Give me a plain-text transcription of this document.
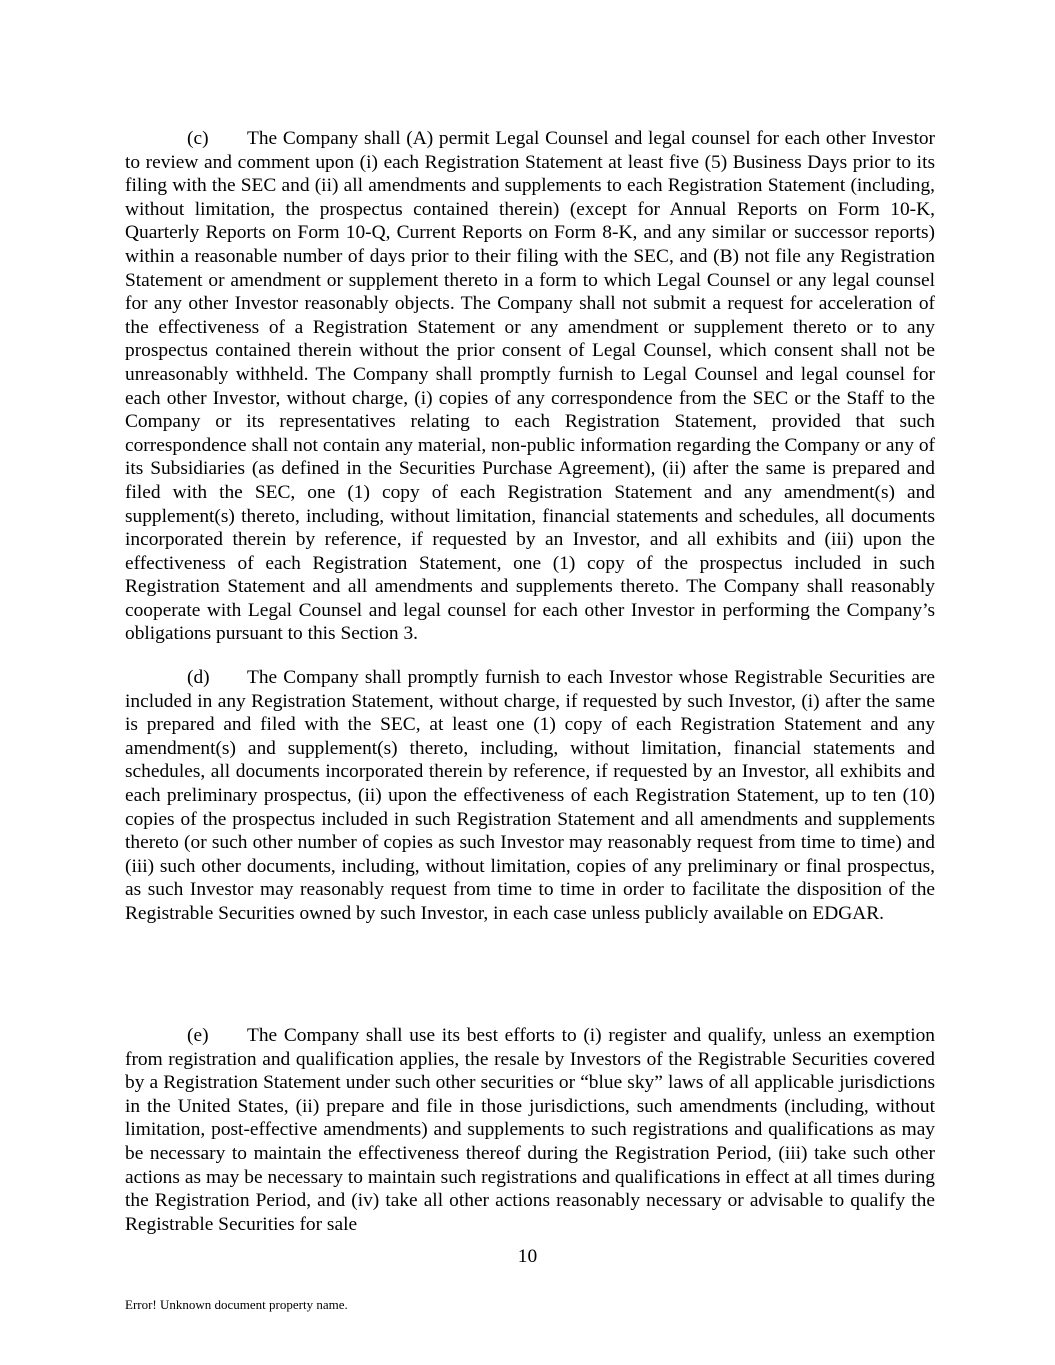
(c) The Company shall (A) permit Legal Counsel and legal counsel for each other Investor to review and comment upon (i) each Registration Statement at least five (5) Business Days prior to its filing with the SEC and (ii) all amendments and supplements to each Registration Statement (including, without limitation, the prospectus contained therein) (except for Annual Reports on Form 10-K, Quarterly Reports on Form 10-Q, Current Reports on Form 8-K, and any similar or successor reports) within a reasonable number of days prior to their filing with the SEC, and (B) not file any Registration Statement or amendment or supplement thereto in a form to which Legal Counsel or any legal counsel for any other Investor reasonably objects. The Company shall not submit a request for acceleration of the effectiveness of a Registration Statement or any amendment or supplement thereto or to any prospectus contained therein without the prior consent of Legal Counsel, which consent shall not be unreasonably withheld. The Company shall promptly furnish to Legal Counsel and legal counsel for each other Investor, without charge, (i) copies of any correspondence from the SEC or the Staff to the Company or its representatives relating to each Registration Statement, provided that such correspondence shall not contain any material, non-public information regarding the Company or any of its Subsidiaries (as defined in the Securities Purchase Agreement), (ii) after the same is prepared and filed with the SEC, one (1) copy of each Registration Statement and any amendment(s) and supplement(s) thereto, including, without limitation, financial statements and schedules, all documents incorporated therein by reference, if requested by an Investor, and all exhibits and (iii) upon the effectiveness of each Registration Statement, one (1) copy of the prospectus included in such Registration Statement and all amendments and supplements thereto. The Company shall reasonably cooperate with Legal Counsel and legal counsel for each other Investor in performing the Company’s obligations pursuant to this Section 3.

(d) The Company shall promptly furnish to each Investor whose Registrable Securities are included in any Registration Statement, without charge, if requested by such Investor, (i) after the same is prepared and filed with the SEC, at least one (1) copy of each Registration Statement and any amendment(s) and supplement(s) thereto, including, without limitation, financial statements and schedules, all documents incorporated therein by reference, if requested by an Investor, all exhibits and each preliminary prospectus, (ii) upon the effectiveness of each Registration Statement, up to ten (10) copies of the prospectus included in such Registration Statement and all amendments and supplements thereto (or such other number of copies as such Investor may reasonably request from time to time) and (iii) such other documents, including, without limitation, copies of any preliminary or final prospectus, as such Investor may reasonably request from time to time in order to facilitate the disposition of the Registrable Securities owned by such Investor, in each case unless publicly available on EDGAR.

(e) The Company shall use its best efforts to (i) register and qualify, unless an exemption from registration and qualification applies, the resale by Investors of the Registrable Securities covered by a Registration Statement under such other securities or “blue sky” laws of all applicable jurisdictions in the United States, (ii) prepare and file in those jurisdictions, such amendments (including, without limitation, post-effective amendments) and supplements to such registrations and qualifications as may be necessary to maintain the effectiveness thereof during the Registration Period, (iii) take such other actions as may be necessary to maintain such registrations and qualifications in effect at all times during the Registration Period, and (iv) take all other actions reasonably necessary or advisable to qualify the Registrable Securities for sale

10
Error! Unknown document property name.
